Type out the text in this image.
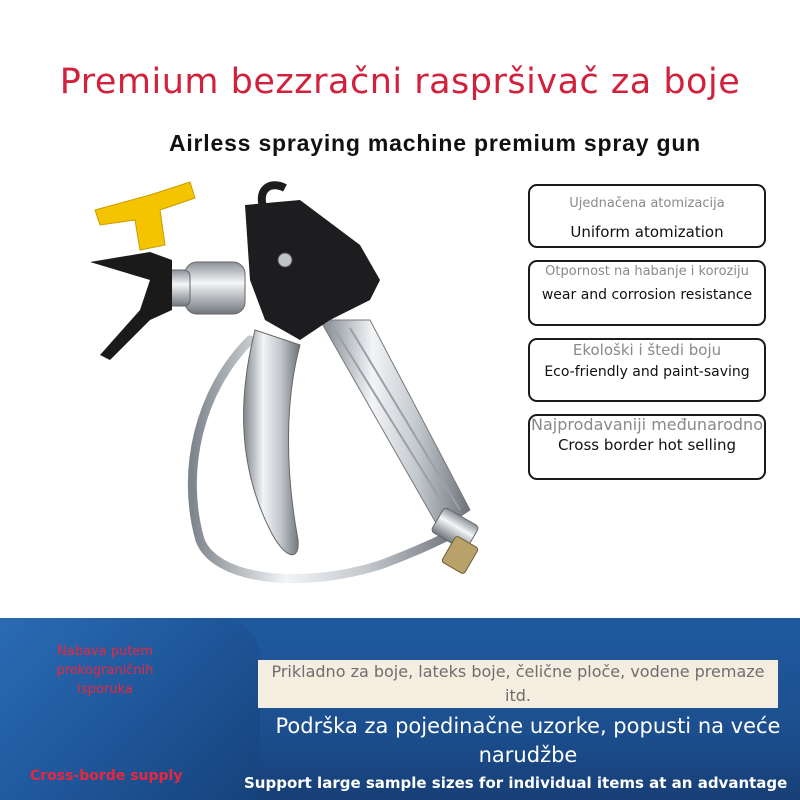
Premium bezzračni raspršivač za boje
Airless spraying machine premium spray gun
Ujednačena atomizacija
Uniform atomization
Otpornost na habanje i koroziju
wear and corrosion resistance
Ekološki i štedi boju
Eco-friendly and paint-saving
Najprodavaniji međunarodno
Cross border hot selling
Nabava putem prekograničnih isporuka
Cross-borde supply
Prikladno za boje, lateks boje, čelične ploče, vodene premaze itd.
Podrška za pojedinačne uzorke, popusti na veće narudžbe
Support large sample sizes for individual items at an advantage
